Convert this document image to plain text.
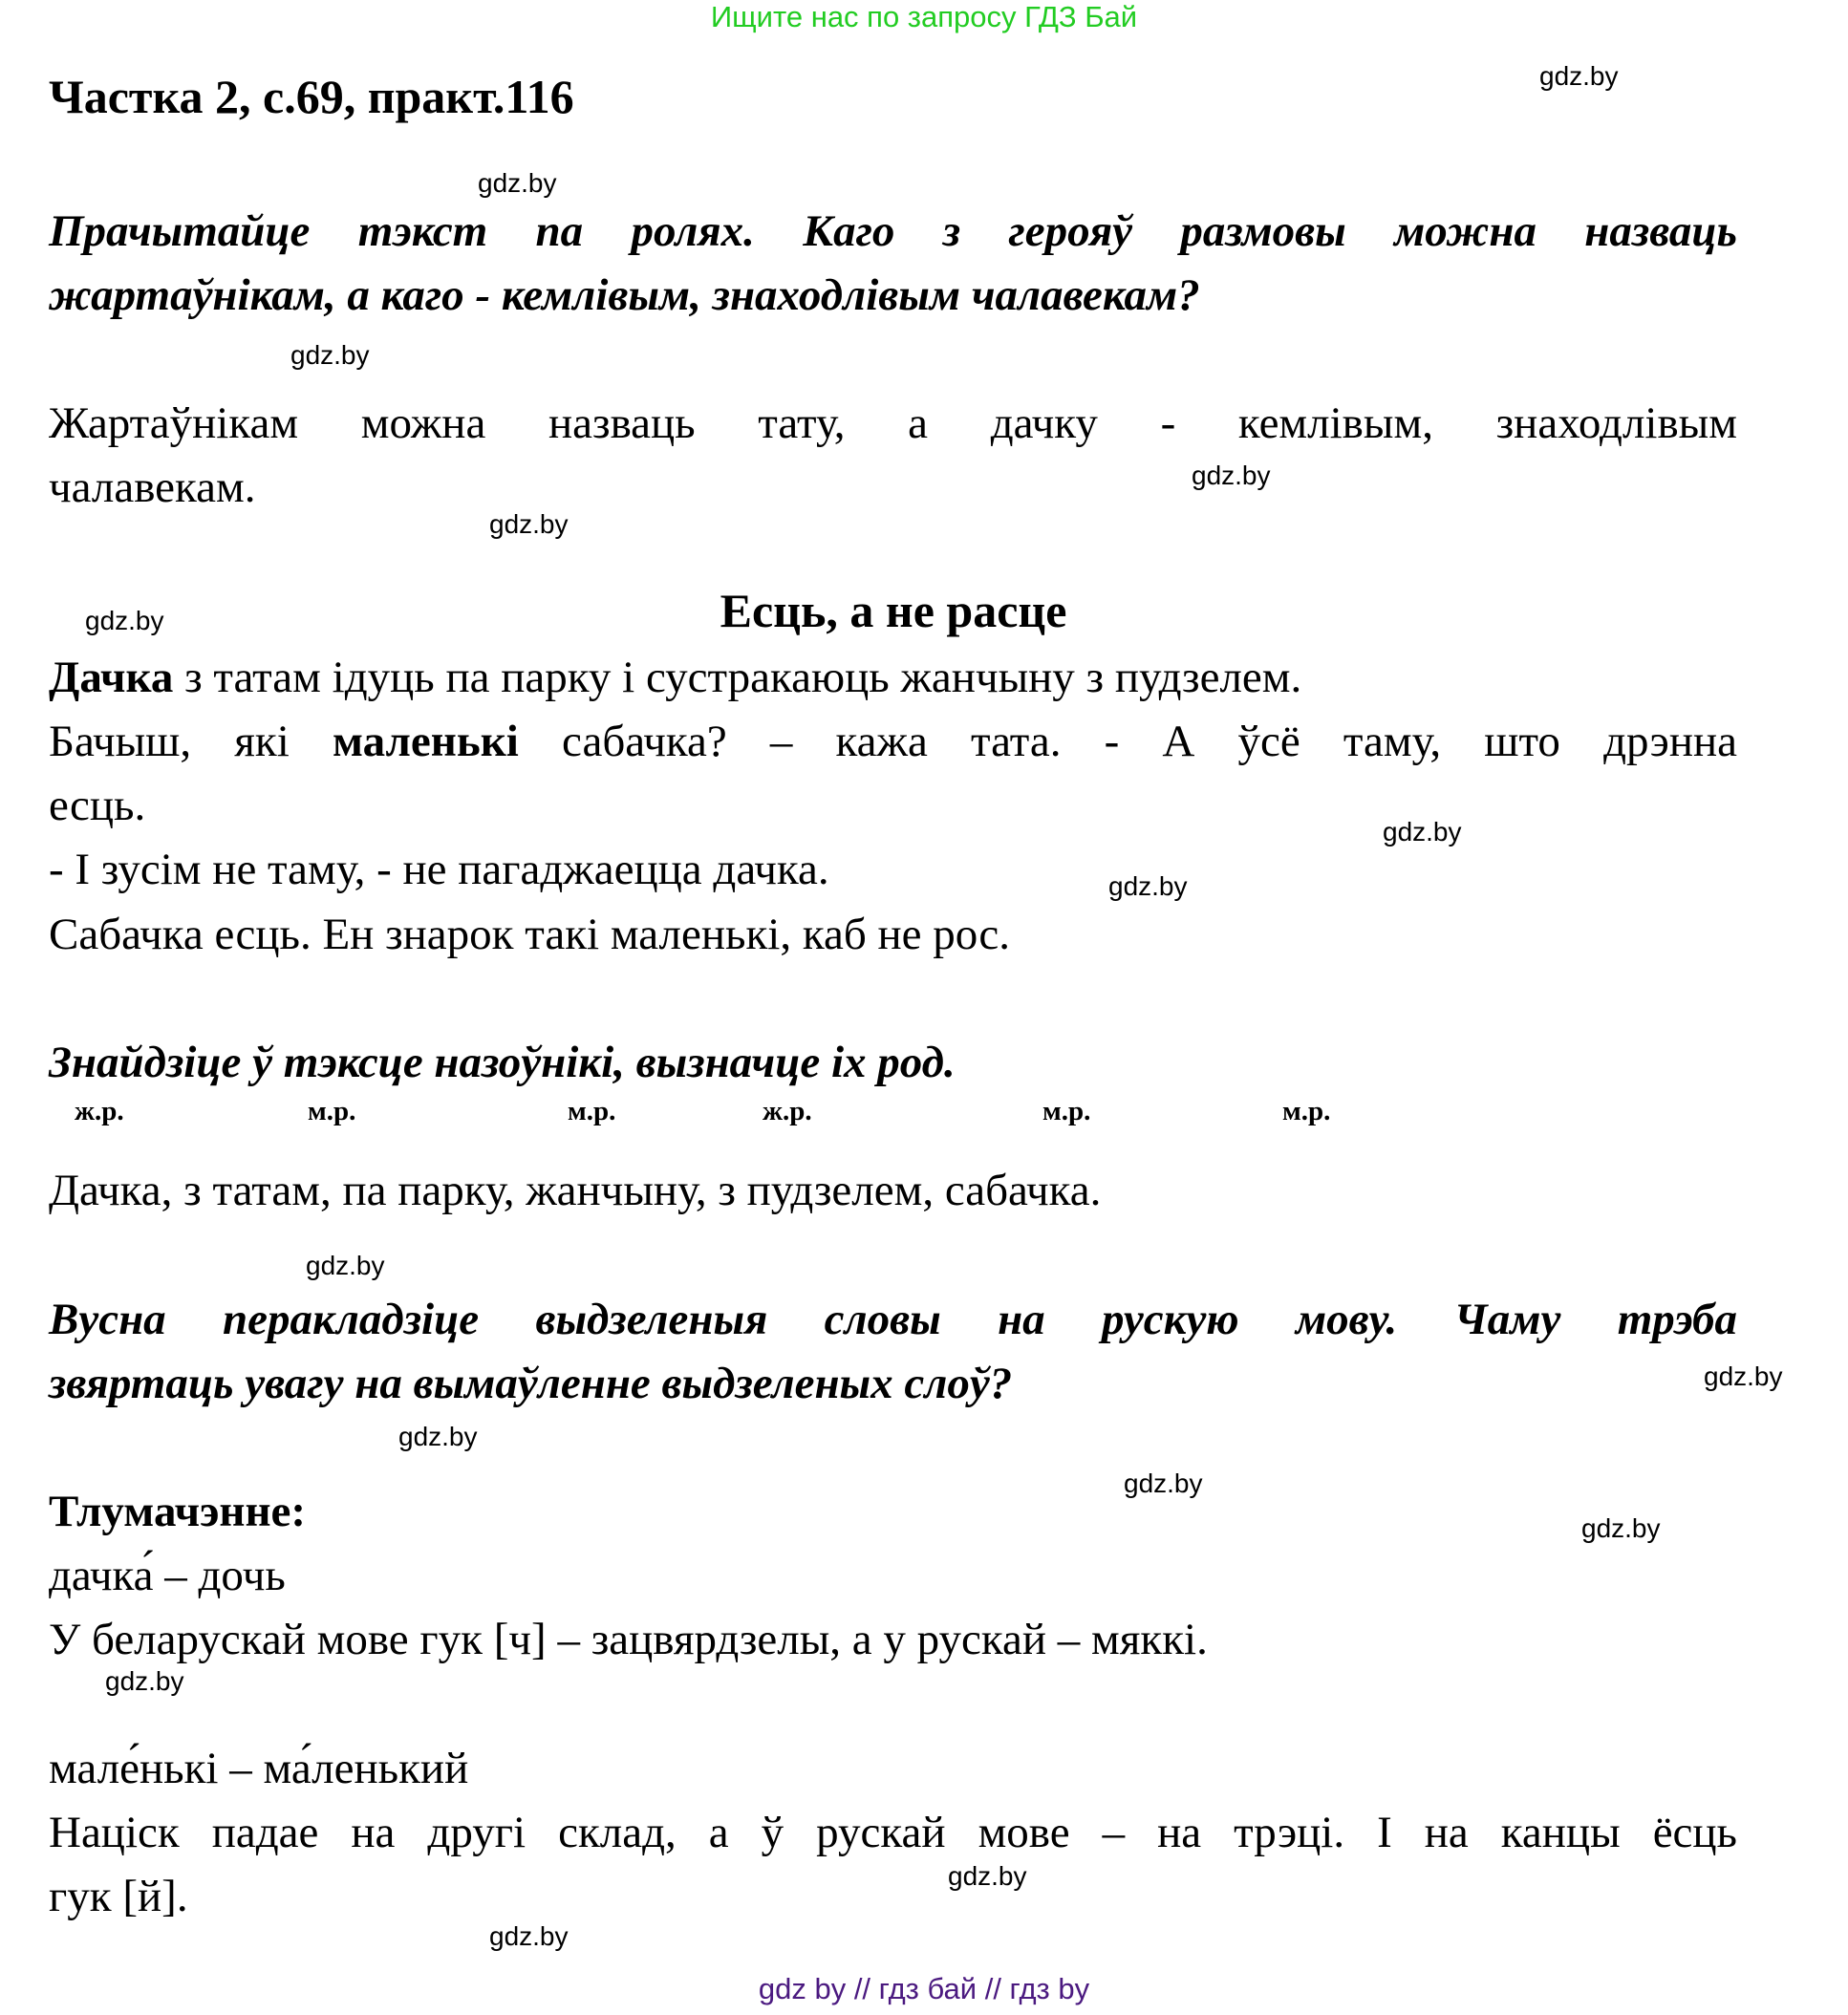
Ищите нас по запросу ГДЗ Бай
Частка 2, с.69, практ.116
Прачытайце тэкст па ролях. Каго з герояў размовы можна назваць
жартаўнікам, а каго - кемлівым, знаходлівым чалавекам?
Жартаўнікам можна назваць тату, а дачку - кемлівым, знаходлівым
чалавекам.
Есць, а не расце
Дачка з татам ідуць па парку і сустракаюць жанчыну з пудзелем.
Бачыш, які маленькі сабачка? – кажа тата. - А ўсё таму, што дрэнна
есць.
- І зусім не таму, - не пагаджаецца дачка.
Сабачка есць. Ен знарок такі маленькі, каб не рос.
Знайдзіце ў тэксце назоўнікі, вызначце іх род.
ж.р.	м.р.	м.р.	ж.р.	м.р.	м.р.
Дачка, з татам, па парку, жанчыну, з пудзелем, сабачка.
Вусна перакладзіце выдзеленыя словы на рускую мову. Чаму трэба
звяртаць увагу на вымаўленне выдзеленых слоў?
Тлумачэнне:
дачка́ – дочь
У беларускай мове гук [ч] – зацвярдзелы, а у рускай – мяккі.
мале́нькі – ма́ленький
Націск падае на другі склад, а ў рускай мове – на трэці. І на канцы ёсць
гук [й].
gdz.by
gdz.by
gdz.by
gdz.by
gdz.by
gdz.by
gdz.by
gdz.by
gdz.by
gdz.by
gdz.by
gdz.by
gdz.by
gdz.by
gdz.by
gdz.by
gdz by // гдз бай // гдз by
